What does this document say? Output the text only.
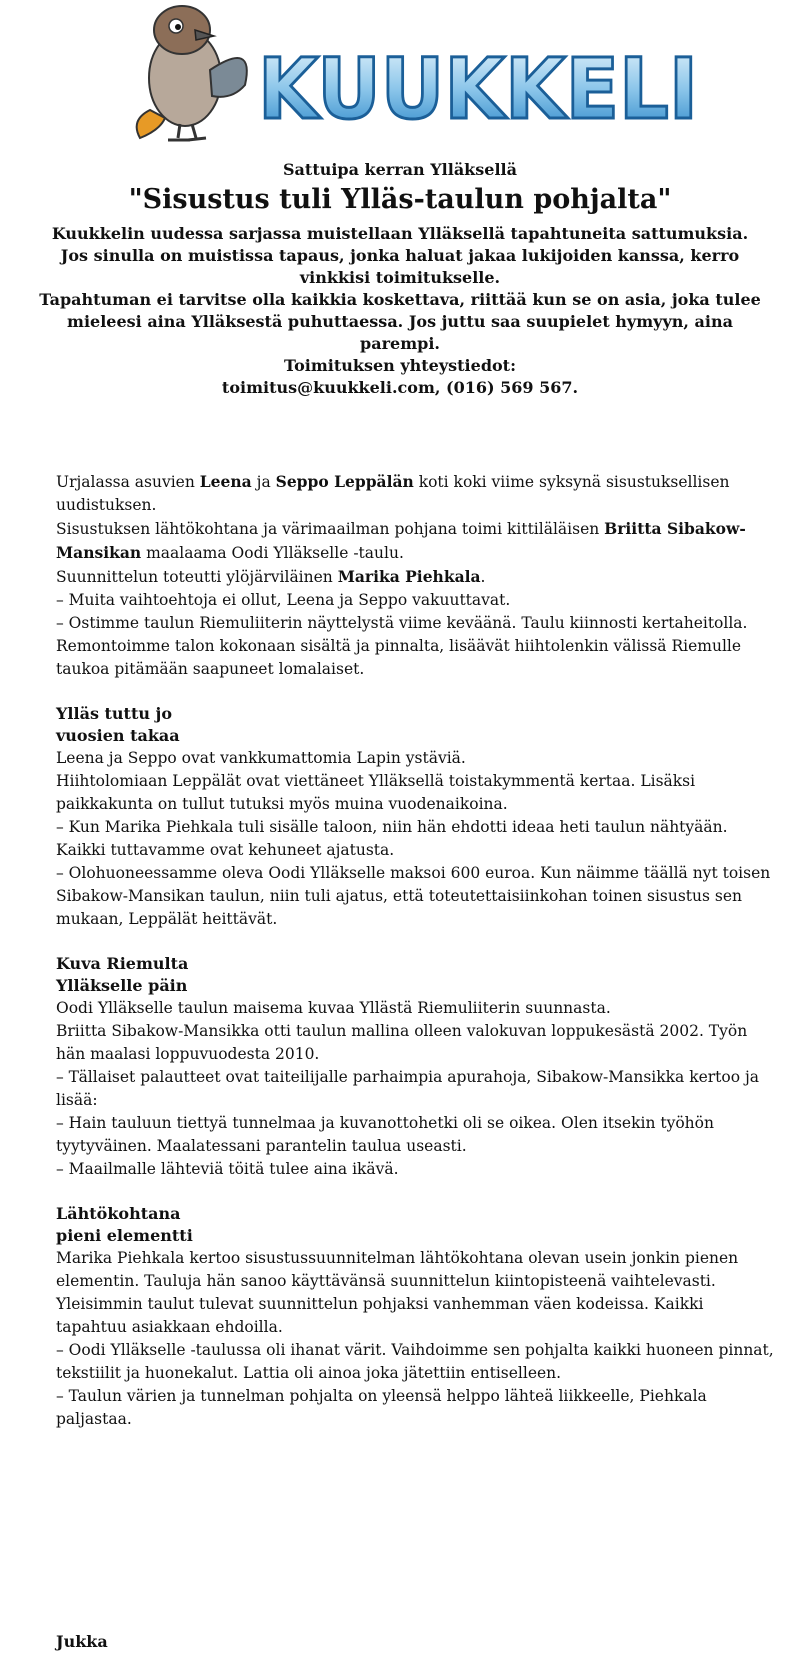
KUUKKELI
Sattuipa kerran Ylläksellä
"Sisustus tuli Ylläs-taulun pohjalta"

Kuukkelin uudessa sarjassa muistellaan Ylläksellä tapahtuneita sattumuksia.

Jos sinulla on muistissa tapaus, jonka haluat jakaa lukijoiden kanssa, kerro vinkkisi toimitukselle.

Tapahtuman ei tarvitse olla kaikkia koskettava, riittää kun se on asia, joka tulee mieleesi aina Ylläksestä puhuttaessa. Jos juttu saa suupielet hymyyn, aina parempi.

Toimituksen yhteystiedot:

toimitus@kuukkeli.com, (016) 569 567.

Urjalassa asuvien Leena ja Seppo Leppälän koti koki viime syksynä sisustuksellisen uudistuksen.

Sisustuksen lähtökohtana ja värimaailman pohjana toimi kittiläläisen Briitta Sibakow-Mansikan maalaama Oodi Ylläkselle -taulu.

Suunnittelun toteutti ylöjärviläinen Marika Piehkala.

– Muita vaihtoehtoja ei ollut, Leena ja Seppo vakuuttavat.

– Ostimme taulun Riemuliiterin näyttelystä viime keväänä. Taulu kiinnosti kertaheitolla. Remontoimme talon kokonaan sisältä ja pinnalta, lisäävät hiihtolenkin välissä Riemulle taukoa pitämään saapuneet lomalaiset.

Ylläs tuttu jo
vuosien takaa

Leena ja Seppo ovat vankkumattomia Lapin ystäviä.

Hiihtolomiaan Leppälät ovat viettäneet Ylläksellä toistakymmentä kertaa. Lisäksi paikkakunta on tullut tutuksi myös muina vuodenaikoina.

– Kun Marika Piehkala tuli sisälle taloon, niin hän ehdotti ideaa heti taulun nähtyään. Kaikki tuttavamme ovat kehuneet ajatusta.

– Olohuoneessamme oleva Oodi Ylläkselle maksoi 600 euroa. Kun näimme täällä nyt toisen Sibakow-Mansikan taulun, niin tuli ajatus, että toteutettaisiinkohan toinen sisustus sen mukaan, Leppälät heittävät.

Kuva Riemulta
Ylläkselle päin

Oodi Ylläkselle taulun maisema kuvaa Yllästä Riemuliiterin suunnasta.

Briitta Sibakow-Mansikka otti taulun mallina olleen valokuvan loppukesästä 2002. Työn hän maalasi loppuvuodesta 2010.

– Tällaiset palautteet ovat taiteilijalle parhaimpia apurahoja, Sibakow-Mansikka kertoo ja lisää:

– Hain tauluun tiettyä tunnelmaa ja kuvanottohetki oli se oikea. Olen itsekin työhön tyytyväinen. Maalatessani parantelin taulua useasti.

– Maailmalle lähteviä töitä tulee aina ikävä.

Lähtökohtana
pieni elementti

Marika Piehkala kertoo sisustussuunnitelman lähtökohtana olevan usein jonkin pienen elementin. Tauluja hän sanoo käyttävänsä suunnittelun kiintopisteenä vaihtelevasti.

Yleisimmin taulut tulevat suunnittelun pohjaksi vanhemman väen kodeissa. Kaikki tapahtuu asiakkaan ehdoilla.

– Oodi Ylläkselle -taulussa oli ihanat värit. Vaihdoimme sen pohjalta kaikki huoneen pinnat, tekstiilit ja huonekalut. Lattia oli ainoa joka jätettiin entiselleen.

– Taulun värien ja tunnelman pohjalta on yleensä helppo lähteä liikkeelle, Piehkala paljastaa.

Jukka
